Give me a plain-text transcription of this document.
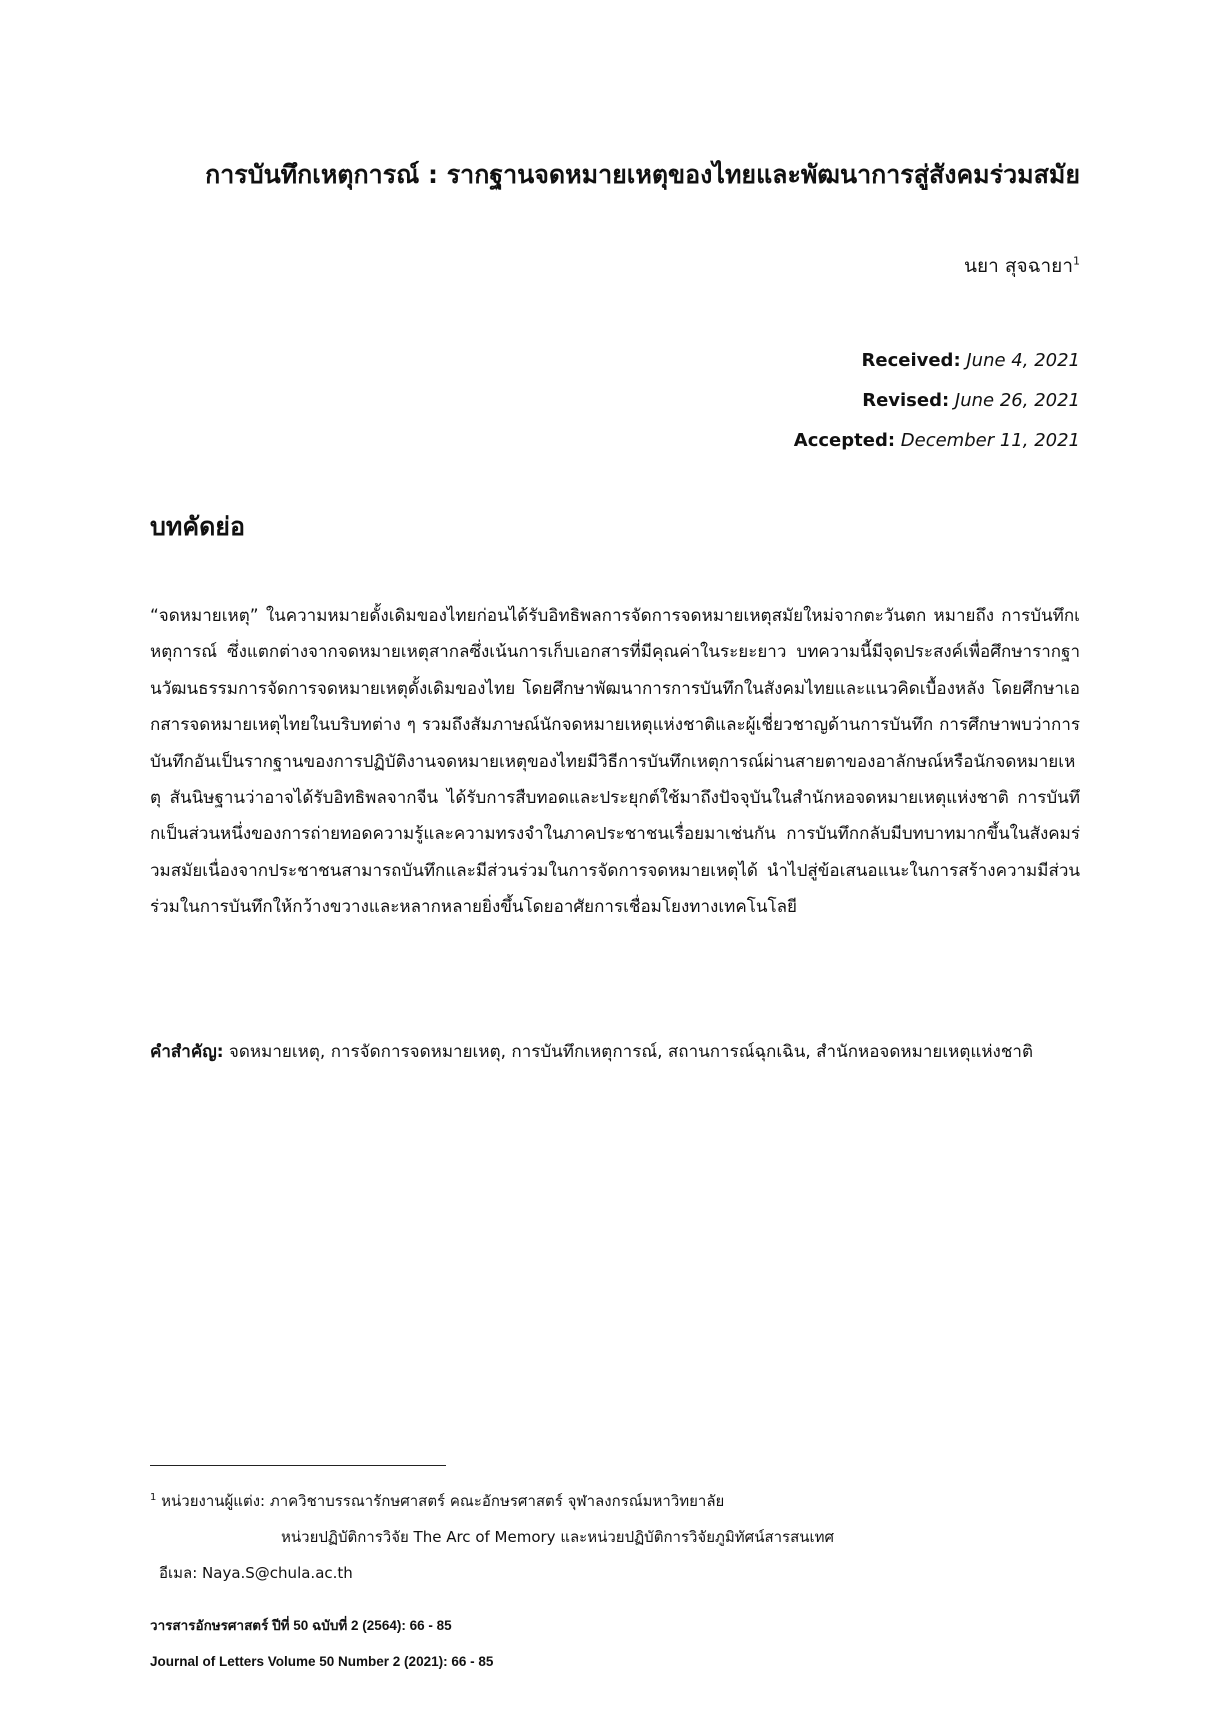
การบันทึกเหตุการณ์ : รากฐานจดหมายเหตุของไทยและพัฒนาการสู่สังคมร่วมสมัย
นยา สุจฉายา$^1$
Received: June 4, 2021
Revised: June 26, 2021
Accepted: December 11, 2021
บทคัดย่อ
“จดหมายเหตุ” ในความหมายดั้งเดิมของไทยก่อนได้รับอิทธิพลการจัดการจดหมายเหตุสมัยใหม่จากตะวันตก หมายถึง การบันทึกเหตุการณ์ ซึ่งแตกต่างจากจดหมายเหตุสากลซึ่งเน้นการเก็บเอกสารที่มีคุณค่าในระยะยาว บทความนี้มีจุดประสงค์เพื่อศึกษารากฐานวัฒนธรรมการจัดการจดหมายเหตุดั้งเดิมของไทย โดยศึกษาพัฒนาการการบันทึกในสังคมไทยและแนวคิดเบื้องหลัง โดยศึกษาเอกสารจดหมายเหตุไทยในบริบทต่าง ๆ รวมถึงสัมภาษณ์นักจดหมายเหตุแห่งชาติและผู้เชี่ยวชาญด้านการบันทึก การศึกษาพบว่าการบันทึกอันเป็นรากฐานของการปฏิบัติงานจดหมายเหตุของไทยมีวิธีการบันทึกเหตุการณ์ผ่านสายตาของอาลักษณ์หรือนักจดหมายเหตุ สันนิษฐานว่าอาจได้รับอิทธิพลจากจีน ได้รับการสืบทอดและประยุกต์ใช้มาถึงปัจจุบันในสำนักหอจดหมายเหตุแห่งชาติ การบันทึกเป็นส่วนหนึ่งของการถ่ายทอดความรู้และความทรงจำในภาคประชาชนเรื่อยมาเช่นกัน การบันทึกกลับมีบทบาทมากขึ้นในสังคมร่วมสมัยเนื่องจากประชาชนสามารถบันทึกและมีส่วนร่วมในการจัดการจดหมายเหตุได้ นำไปสู่ข้อเสนอแนะในการสร้างความมีส่วนร่วมในการบันทึกให้กว้างขวางและหลากหลายยิ่งขึ้นโดยอาศัยการเชื่อมโยงทางเทคโนโลยี
คำสำคัญ: จดหมายเหตุ, การจัดการจดหมายเหตุ, การบันทึกเหตุการณ์, สถานการณ์ฉุกเฉิน, สำนักหอจดหมายเหตุแห่งชาติ
$^1$ หน่วยงานผู้แต่ง: ภาควิชาบรรณารักษศาสตร์ คณะอักษรศาสตร์ จุฬาลงกรณ์มหาวิทยาลัย
หน่วยปฏิบัติการวิจัย The Arc of Memory และหน่วยปฏิบัติการวิจัยภูมิทัศน์สารสนเทศ
อีเมล: Naya.S@chula.ac.th
วารสารอักษรศาสตร์ ปีที่ 50 ฉบับที่ 2 (2564): 66 - 85
Journal of Letters Volume 50 Number 2 (2021): 66 - 85
